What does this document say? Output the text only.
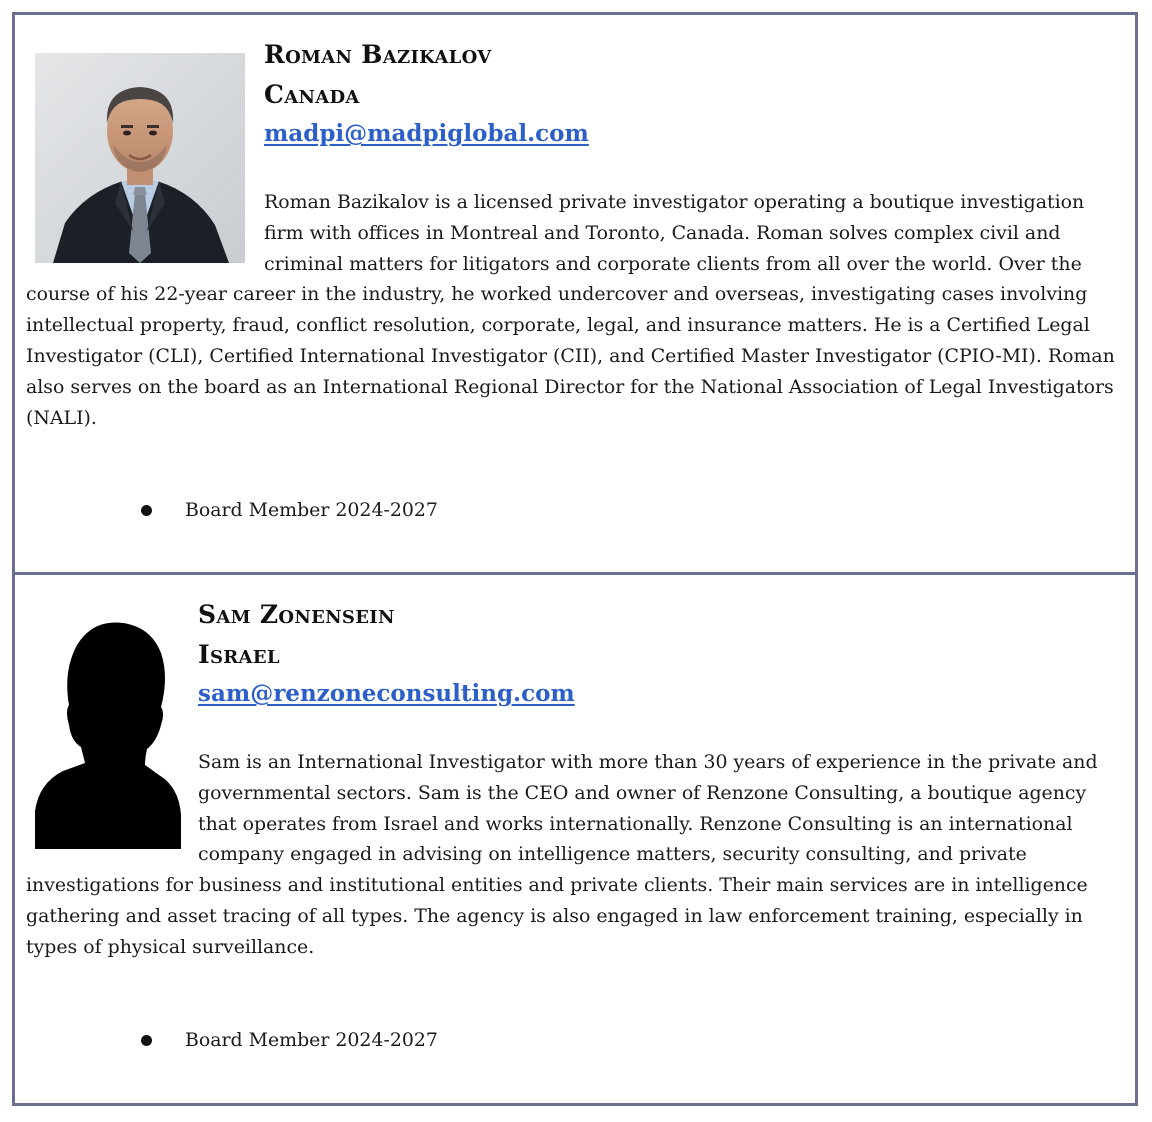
Roman Bazikalov
Canada
madpi@madpiglobal.com

Roman Bazikalov is a licensed private investigator operating a boutique investigation firm with offices in Montreal and Toronto, Canada. Roman solves complex civil and criminal matters for litigators and corporate clients from all over the world. Over the course of his 22-year career in the industry, he worked undercover and overseas, investigating cases involving intellectual property, fraud, conflict resolution, corporate, legal, and insurance matters. He is a Certified Legal Investigator (CLI), Certified International Investigator (CII), and Certified Master Investigator (CPIO-MI). Roman also serves on the board as an International Regional Director for the National Association of Legal Investigators (NALI).

Board Member 2024-2027
Sam Zonensein
Israel
sam@renzoneconsulting.com

Sam is an International Investigator with more than 30 years of experience in the private and governmental sectors. Sam is the CEO and owner of Renzone Consulting, a boutique agency that operates from Israel and works internationally. Renzone Consulting is an international company engaged in advising on intelligence matters, security consulting, and private investigations for business and institutional entities and private clients. Their main services are in intelligence gathering and asset tracing of all types. The agency is also engaged in law enforcement training, especially in types of physical surveillance.

Board Member 2024-2027
